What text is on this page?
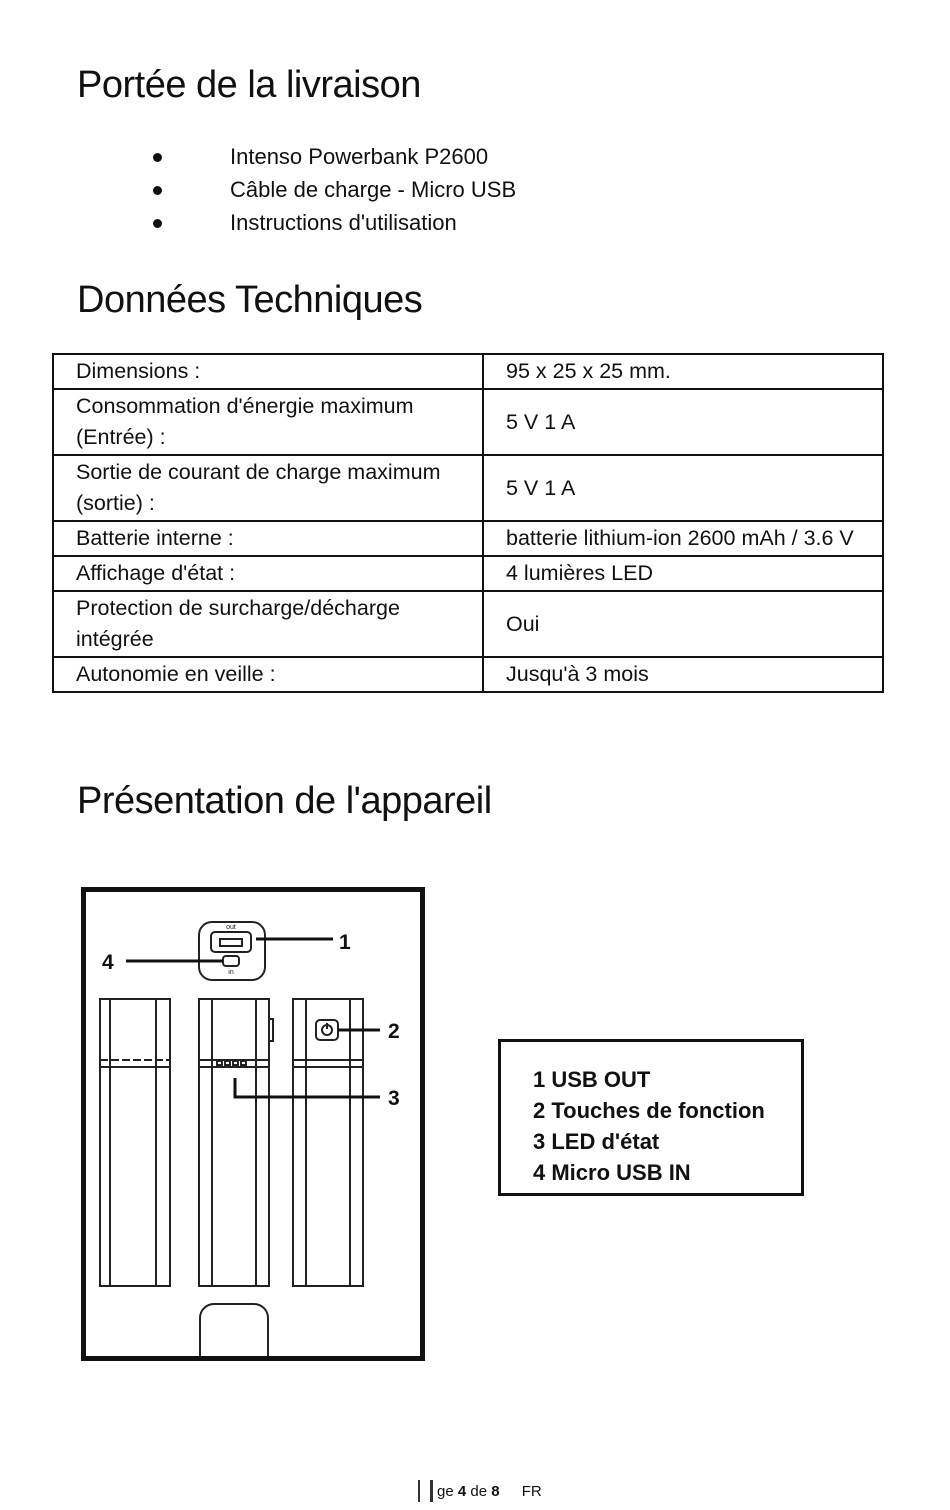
Portée de la livraison
Intenso Powerbank P2600
Câble de charge - Micro USB
Instructions d'utilisation
Données Techniques
Dimensions :	95 x 25 x 25 mm.
Consommation d'énergie maximum (Entrée) :	5 V 1 A
Sortie de courant de charge maximum (sortie) :	5 V 1 A
Batterie interne :	batterie lithium-ion 2600 mAh / 3.6 V
Affichage d'état :	4 lumières LED
Protection de surcharge/décharge intégrée	Oui
Autonomie en veille :	Jusqu'à 3 mois
Présentation de l'appareil
out
in
1
2
3
4
1 USB OUT
2 Touches de fonction
3 LED d'état
4 Micro USB IN
ge 4 de 8 FR
